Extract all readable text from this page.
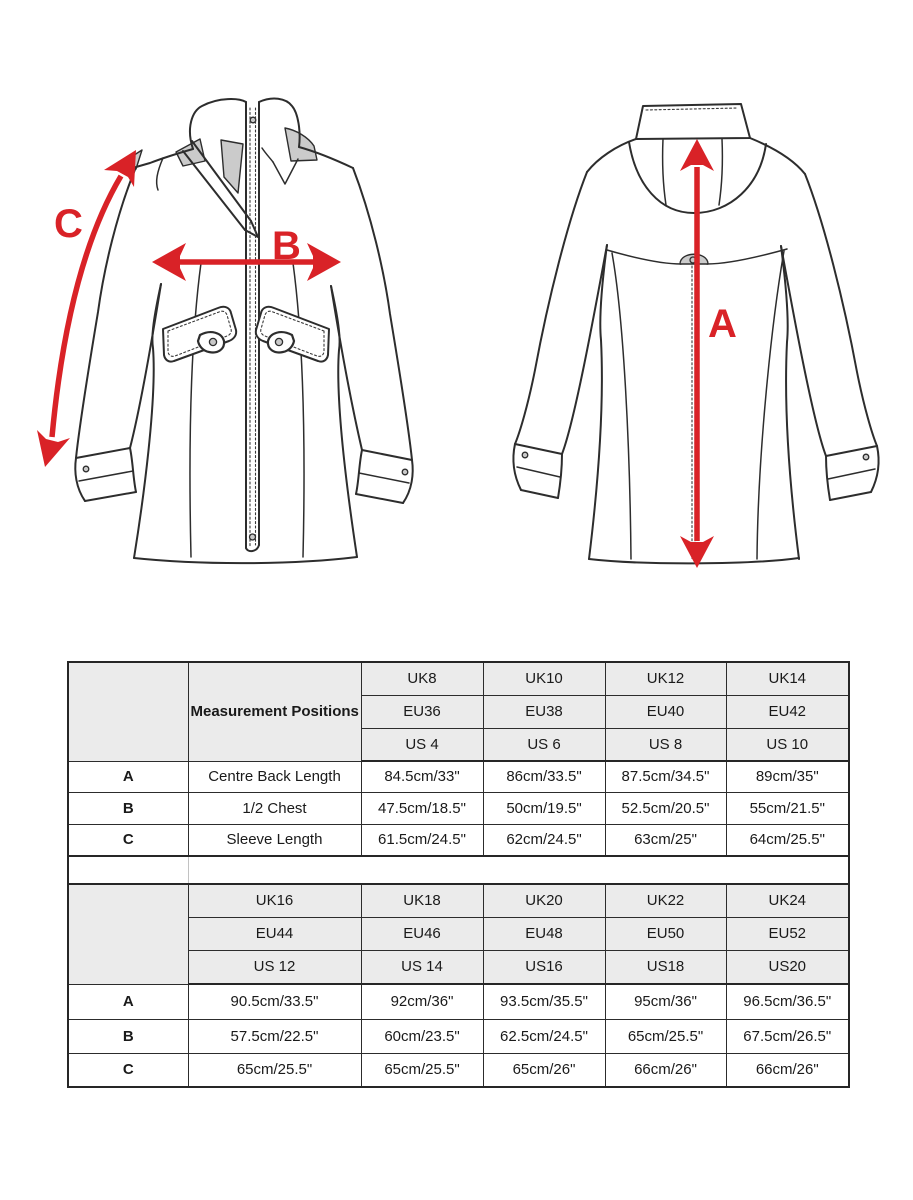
C	B
A
	Measurement Positions	UK8	UK10	UK12	UK14
		EU36	EU38	EU40	EU42
		US 4	US 6	US 8	US 10
A	Centre Back Length	84.5cm/33"	86cm/33.5"	87.5cm/34.5"	89cm/35"
B	1/2 Chest	47.5cm/18.5"	50cm/19.5"	52.5cm/20.5"	55cm/21.5"
C	Sleeve Length	61.5cm/24.5"	62cm/24.5"	63cm/25"	64cm/25.5"

	UK16	UK18	UK20	UK22	UK24
	EU44	EU46	EU48	EU50	EU52
	US 12	US 14	US16	US18	US20
A	90.5cm/33.5"	92cm/36"	93.5cm/35.5"	95cm/36"	96.5cm/36.5"
B	57.5cm/22.5"	60cm/23.5"	62.5cm/24.5"	65cm/25.5"	67.5cm/26.5"
C	65cm/25.5"	65cm/25.5"	65cm/26"	66cm/26"	66cm/26"
